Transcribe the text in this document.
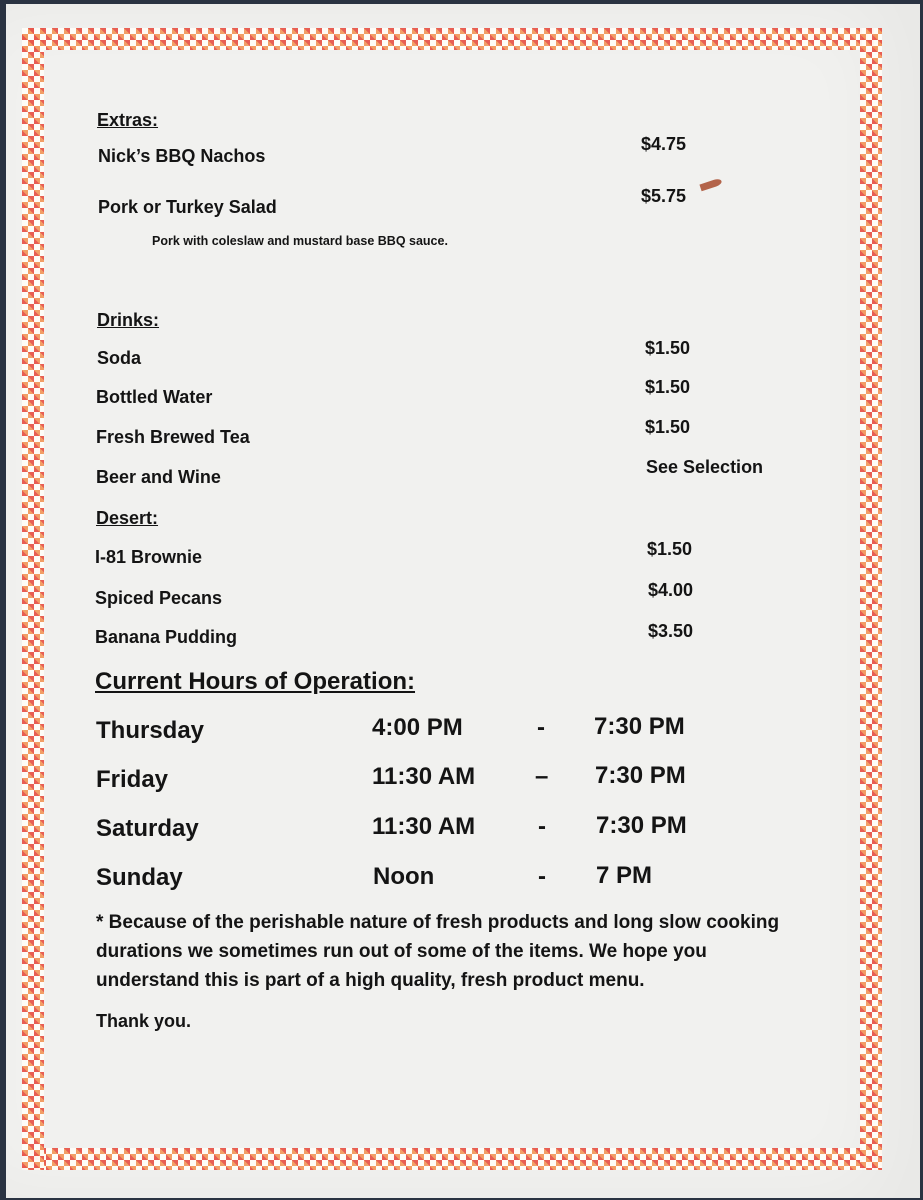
Extras:
Nick’s BBQ Nachos
$4.75
Pork or Turkey Salad
$5.75
Pork with coleslaw and mustard base BBQ sauce.
Drinks:
Soda	$1.50
Bottled Water	$1.50
Fresh Brewed Tea	$1.50
Beer and Wine	See Selection
Desert:
I-81 Brownie	$1.50
Spiced Pecans	$4.00
Banana Pudding	$3.50
Current Hours of Operation:
Thursday	4:00 PM	- 7:30 PM
Friday	11:30 AM – 7:30 PM
Saturday	11:30 AM	- 7:30 PM
Sunday	Noon	- 7 PM
* Because of the perishable nature of fresh products and long slow cooking durations we sometimes run out of some of the items. We hope you understand this is part of a high quality, fresh product menu.
Thank you.
